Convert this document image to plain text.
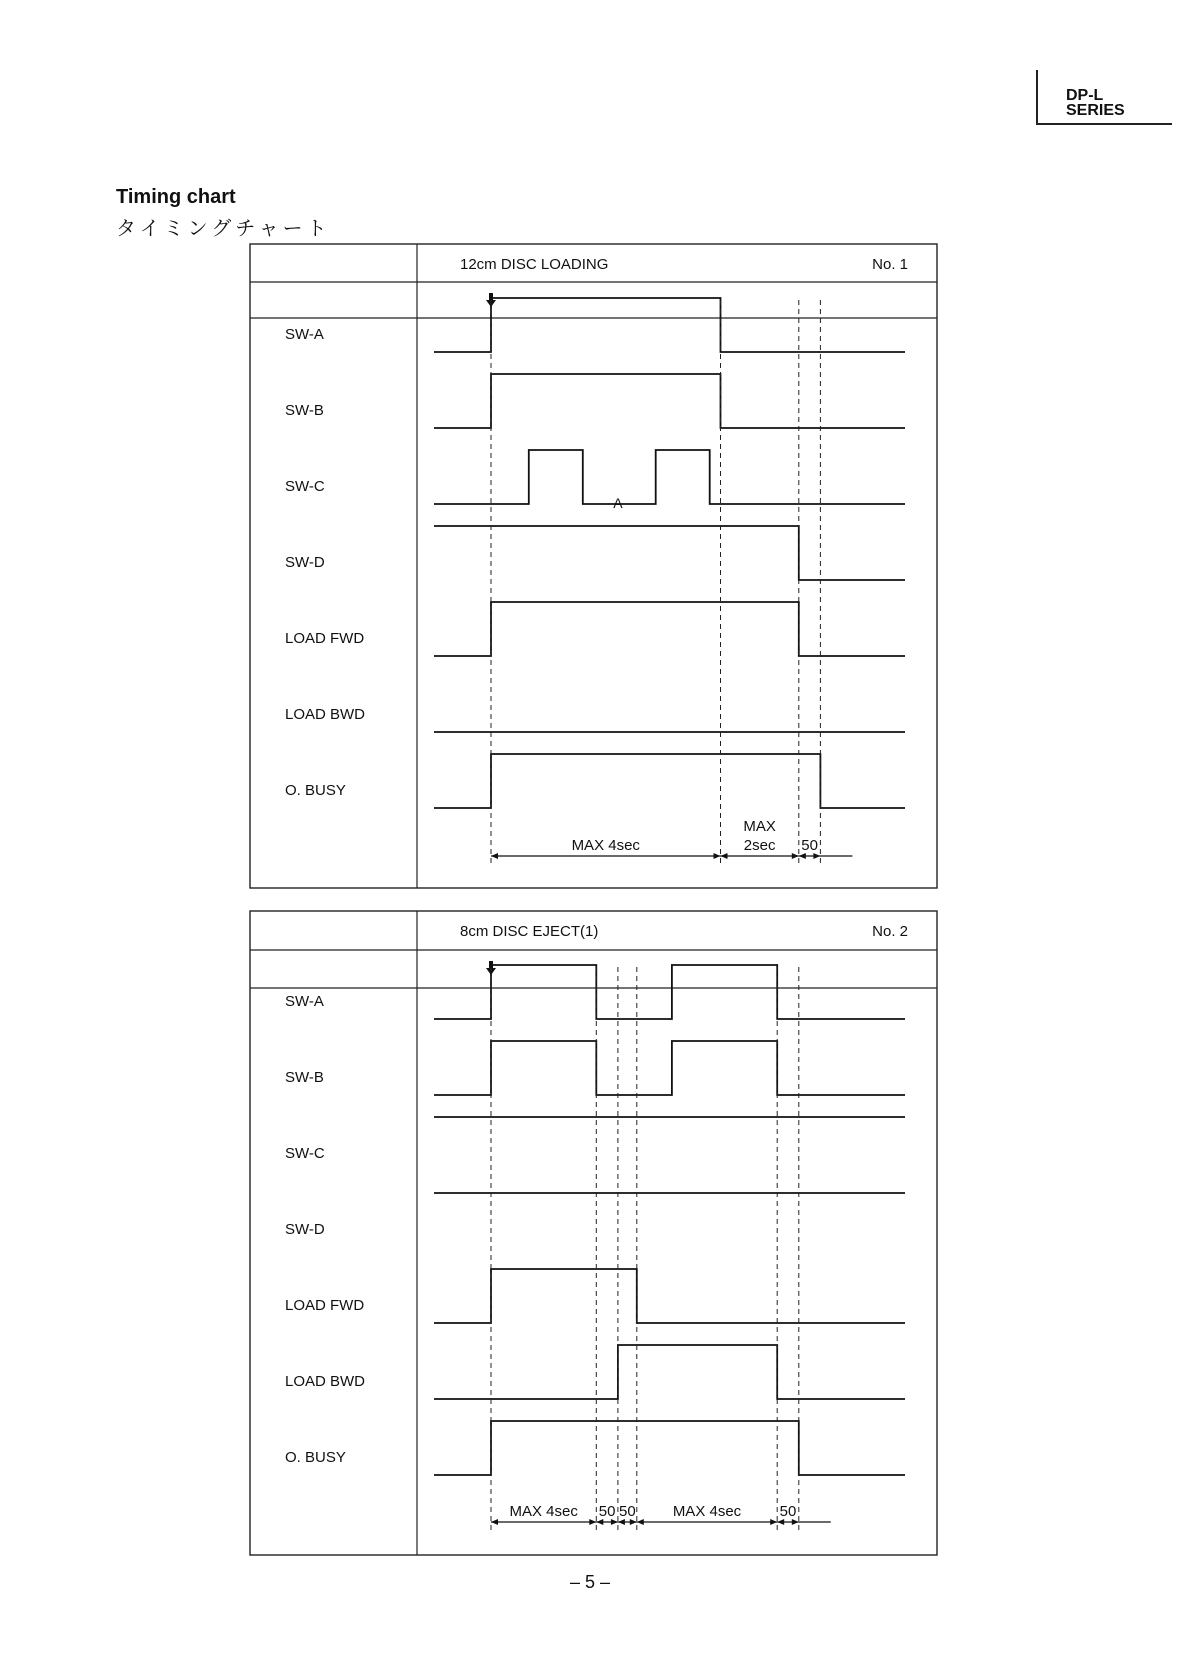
DP-L
SERIES
Timing chart
タイミングチャート
12cm DISC LOADING	No. 1
SW-A
SW-B
SW-C
A
SW-D
LOAD FWD
LOAD BWD
O. BUSY
MAX 4sec
MAX
2sec 50
8cm DISC EJECT(1)	No. 2
SW-A
SW-B
SW-C
SW-D
LOAD FWD
LOAD BWD
O. BUSY
MAX 4sec 50 50 MAX 4sec	50
– 5 –
